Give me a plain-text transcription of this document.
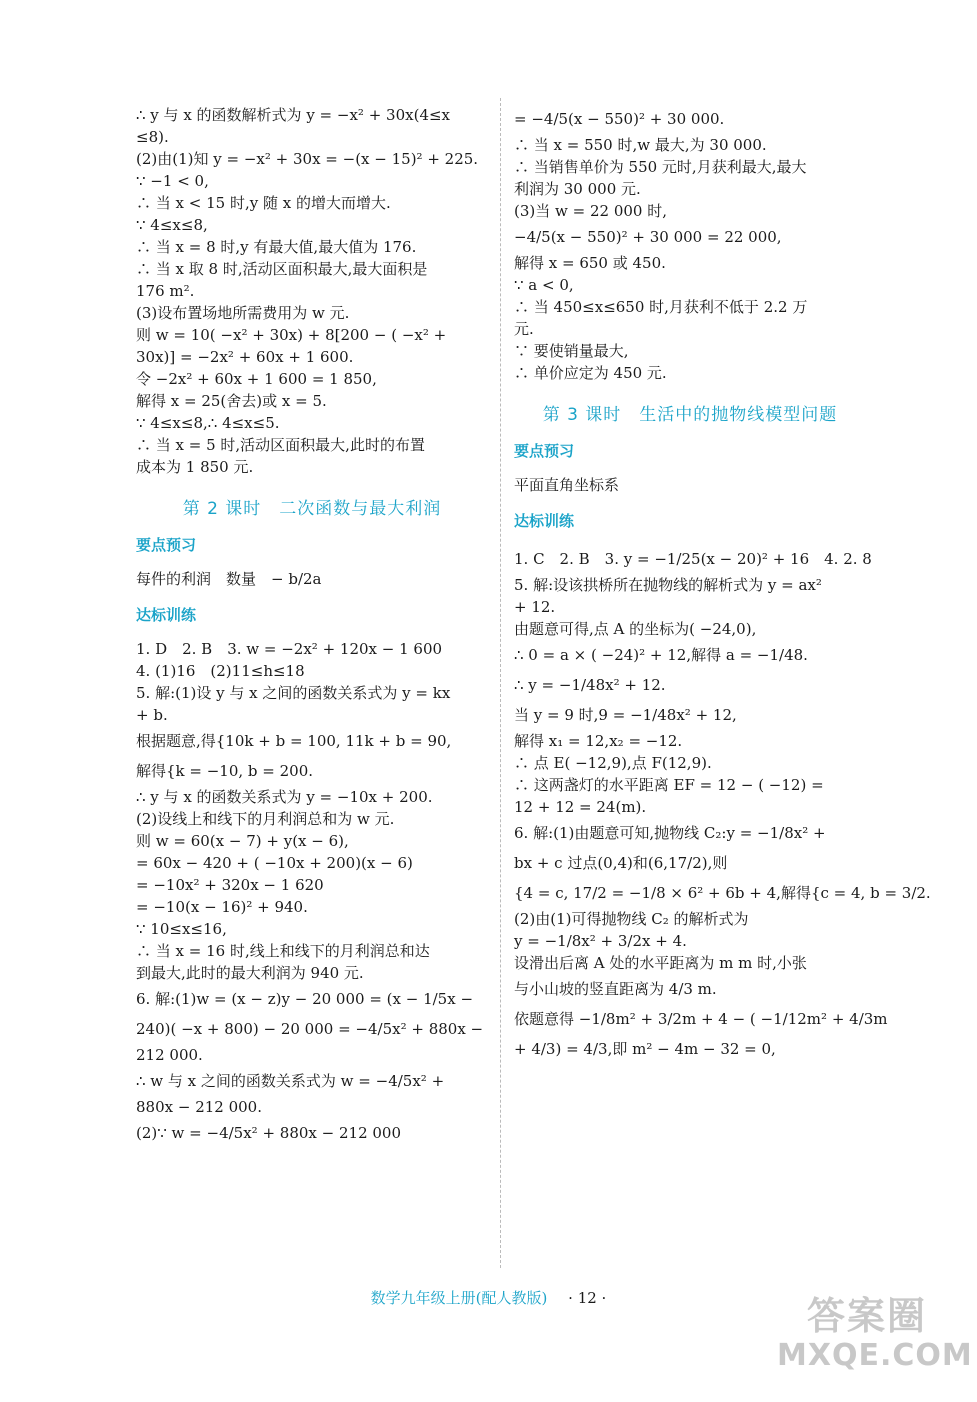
∴ y 与 x 的函数解析式为 y = −x² + 30x(4≤x
≤8).
(2)由(1)知 y = −x² + 30x = −(x − 15)² + 225.
∵ −1 < 0,
∴ 当 x < 15 时,y 随 x 的增大而增大.
∵ 4≤x≤8,
∴ 当 x = 8 时,y 有最大值,最大值为 176.
∴ 当 x 取 8 时,活动区面积最大,最大面积是
176 m².
(3)设布置场地所需费用为 w 元.
则 w = 10( −x² + 30x) + 8[200 − ( −x² +
30x)] = −2x² + 60x + 1 600.
令 −2x² + 60x + 1 600 = 1 850,
解得 x = 25(舍去)或 x = 5.
∵ 4≤x≤8,∴ 4≤x≤5.
∴ 当 x = 5 时,活动区面积最大,此时的布置
成本为 1 850 元.
第 2 课时　二次函数与最大利润
要点预习
每件的利润　数量　− b/2a
达标训练
1. D　2. B　3. w = −2x² + 120x − 1 600
4. (1)16　(2)11≤h≤18
5. 解:(1)设 y 与 x 之间的函数关系式为 y = kx
+ b.
根据题意,得{10k + b = 100, 11k + b = 90,
解得{k = −10, b = 200.
∴ y 与 x 的函数关系式为 y = −10x + 200.
(2)设线上和线下的月利润总和为 w 元.
则 w = 60(x − 7) + y(x − 6),
= 60x − 420 + ( −10x + 200)(x − 6)
= −10x² + 320x − 1 620
= −10(x − 16)² + 940.
∵ 10≤x≤16,
∴ 当 x = 16 时,线上和线下的月利润总和达
到最大,此时的最大利润为 940 元.
6. 解:(1)w = (x − z)y − 20 000 = (x − 1/5x −
240)( −x + 800) − 20 000 = −4/5x² + 880x −
212 000.
∴ w 与 x 之间的函数关系式为 w = −4/5x² +
880x − 212 000.
(2)∵ w = −4/5x² + 880x − 212 000
= −4/5(x − 550)² + 30 000.
∴ 当 x = 550 时,w 最大,为 30 000.
∴ 当销售单价为 550 元时,月获利最大,最大
利润为 30 000 元.
(3)当 w = 22 000 时,
−4/5(x − 550)² + 30 000 = 22 000,
解得 x = 650 或 450.
∵ a < 0,
∴ 当 450≤x≤650 时,月获利不低于 2.2 万
元.
∵ 要使销量最大,
∴ 单价应定为 450 元.
第 3 课时　生活中的抛物线模型问题
要点预习
平面直角坐标系
达标训练
1. C　2. B　3. y = −1/25(x − 20)² + 16　4. 2. 8
5. 解:设该拱桥所在抛物线的解析式为 y = ax²
+ 12.
由题意可得,点 A 的坐标为( −24,0),
∴ 0 = a × ( −24)² + 12,解得 a = −1/48.
∴ y = −1/48x² + 12.
当 y = 9 时,9 = −1/48x² + 12,
解得 x₁ = 12,x₂ = −12.
∴ 点 E( −12,9),点 F(12,9).
∴ 这两盏灯的水平距离 EF = 12 − ( −12) =
12 + 12 = 24(m).
6. 解:(1)由题意可知,抛物线 C₂:y = −1/8x² +
bx + c 过点(0,4)和(6,17/2),则
{4 = c, 17/2 = −1/8 × 6² + 6b + 4,解得{c = 4, b = 3/2.
(2)由(1)可得抛物线 C₂ 的解析式为
y = −1/8x² + 3/2x + 4.
设滑出后离 A 处的水平距离为 m m 时,小张
与小山坡的竖直距离为 4/3 m.
依题意得 −1/8m² + 3/2m + 4 − ( −1/12m² + 4/3m
+ 4/3) = 4/3,即 m² − 4m − 32 = 0,
数学九年级上册(配人教版) · 12 ·	答案圈
MXQE.COM
